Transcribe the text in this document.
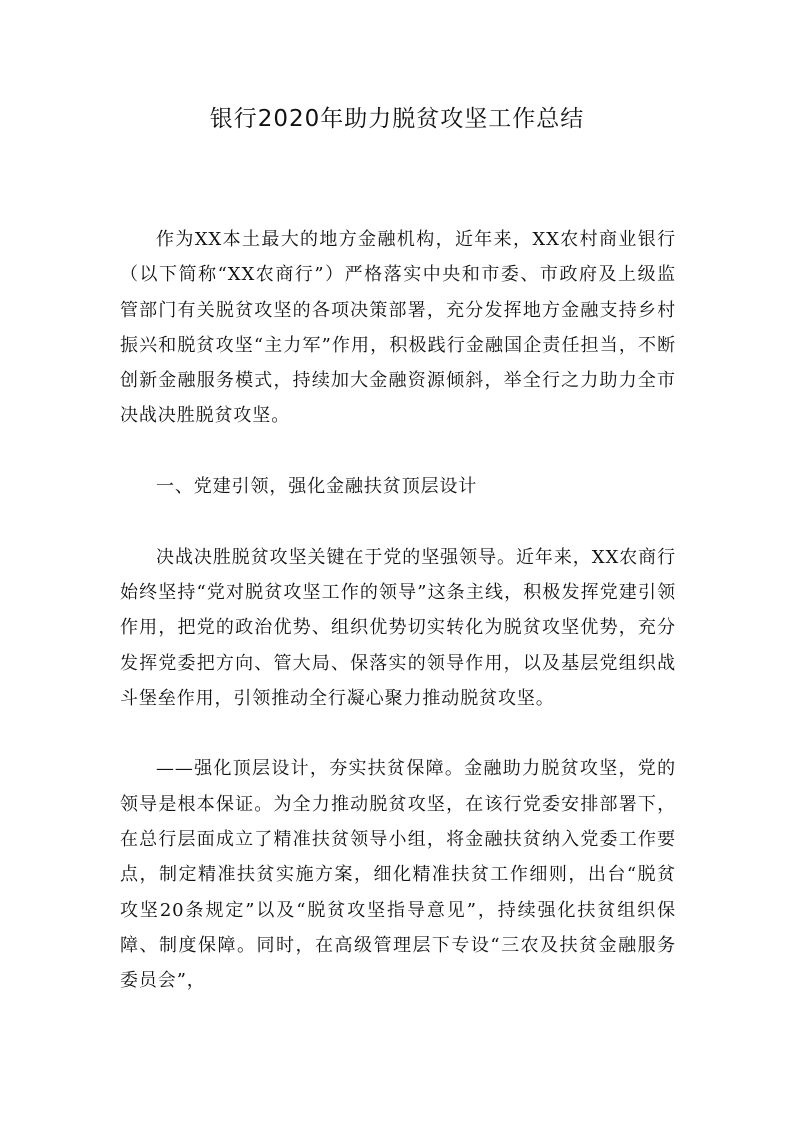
银行2020年助力脱贫攻坚工作总结

作为XX本土最大的地方金融机构，近年来，XX农村商业银行（以下简称“XX农商行”）严格落实中央和市委、市政府及上级监管部门有关脱贫攻坚的各项决策部署，充分发挥地方金融支持乡村振兴和脱贫攻坚“主力军”作用，积极践行金融国企责任担当，不断创新金融服务模式，持续加大金融资源倾斜，举全行之力助力全市决战决胜脱贫攻坚。

一、党建引领，强化金融扶贫顶层设计

决战决胜脱贫攻坚关键在于党的坚强领导。近年来，XX农商行始终坚持“党对脱贫攻坚工作的领导”这条主线，积极发挥党建引领作用，把党的政治优势、组织优势切实转化为脱贫攻坚优势，充分发挥党委把方向、管大局、保落实的领导作用，以及基层党组织战斗堡垒作用，引领推动全行凝心聚力推动脱贫攻坚。

——强化顶层设计，夯实扶贫保障。金融助力脱贫攻坚，党的领导是根本保证。为全力推动脱贫攻坚，在该行党委安排部署下，在总行层面成立了精准扶贫领导小组，将金融扶贫纳入党委工作要点，制定精准扶贫实施方案，细化精准扶贫工作细则，出台“脱贫攻坚20条规定”以及“脱贫攻坚指导意见”，持续强化扶贫组织保障、制度保障。同时，在高级管理层下专设“三农及扶贫金融服务委员会”，
